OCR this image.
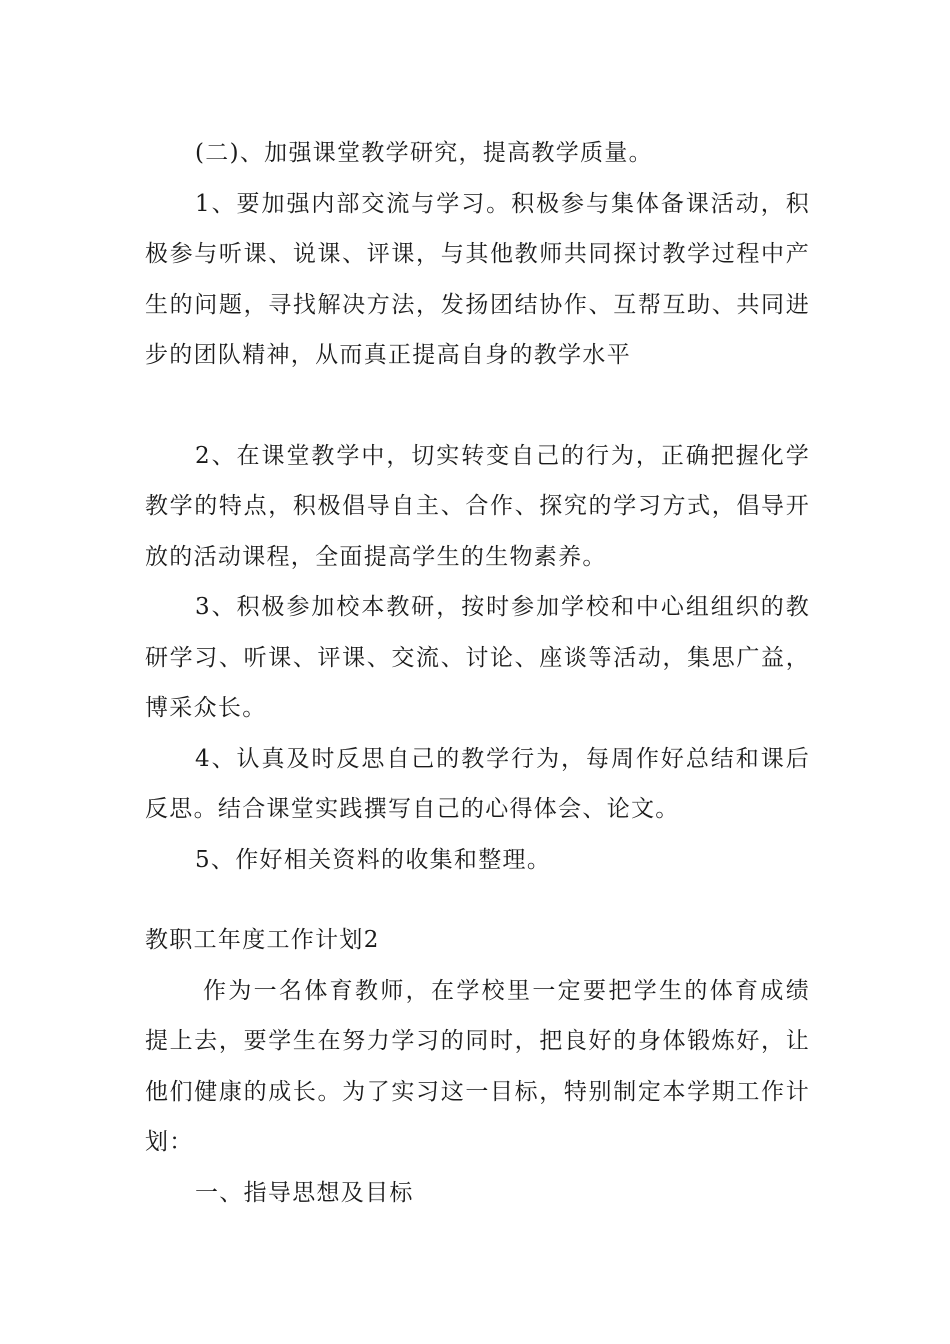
(二)、加强课堂教学研究，提高教学质量。

1、要加强内部交流与学习。积极参与集体备课活动，积极参与听课、说课、评课，与其他教师共同探讨教学过程中产生的问题，寻找解决方法，发扬团结协作、互帮互助、共同进步的团队精神，从而真正提高自身的教学水平

2、在课堂教学中，切实转变自己的行为，正确把握化学教学的特点，积极倡导自主、合作、探究的学习方式，倡导开放的活动课程，全面提高学生的生物素养。

3、积极参加校本教研，按时参加学校和中心组组织的教研学习、听课、评课、交流、讨论、座谈等活动，集思广益，博采众长。

4、认真及时反思自己的教学行为，每周作好总结和课后反思。结合课堂实践撰写自己的心得体会、论文。

5、作好相关资料的收集和整理。

教职工年度工作计划2

作为一名体育教师，在学校里一定要把学生的体育成绩提上去，要学生在努力学习的同时，把良好的身体锻炼好，让他们健康的成长。为了实习这一目标，特别制定本学期工作计划：

一、指导思想及目标
